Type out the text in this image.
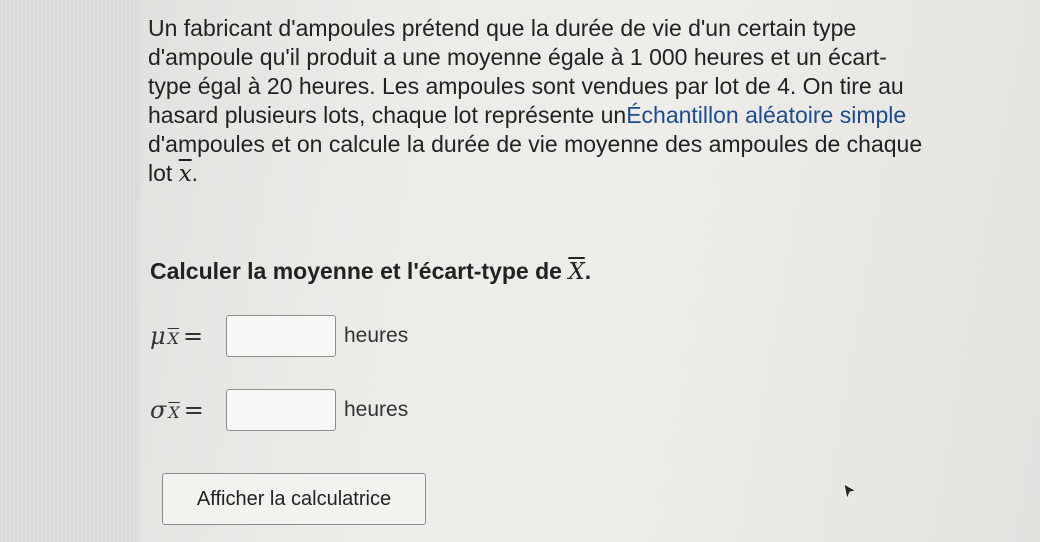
Un fabricant d'ampoules prétend que la durée de vie d'un certain type
d'ampoule qu'il produit a une moyenne égale à 1 000 heures et un écart-
type égal à 20 heures. Les ampoules sont vendues par lot de 4. On tire au
hasard plusieurs lots, chaque lot représente unÉchantillon aléatoire simple
d'ampoules et on calcule la durée de vie moyenne des ampoules de chaque
lot $\overline{x}$.
Calculer la moyenne et l'écart-type de $\overline{X}$.
μ $\overline{X}$ =	heures
σ $\overline{X}$ =	heures
Afficher la calculatrice
